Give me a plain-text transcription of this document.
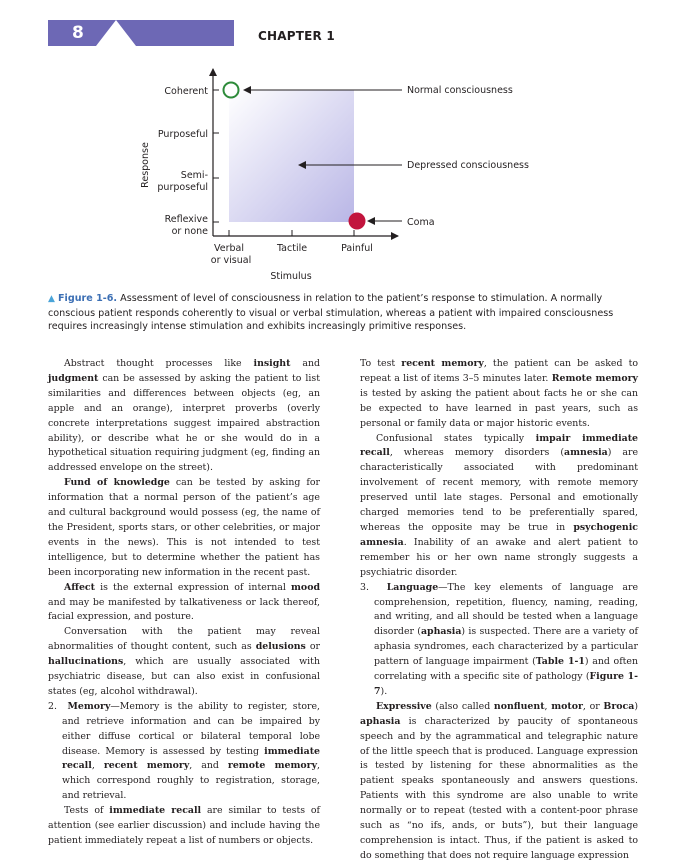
8	CHAPTER 1
Coherent
Purposeful
Semi-
purposeful
Reflexive
or none
Verbal
or visual
Tactile	Painful
Stimulus
Response
Normal consciousness
Depressed consciousness
Coma
▲ Figure 1-6. Assessment of level of consciousness in relation to the patient’s response to stimulation. A normally conscious patient responds coherently to visual or verbal stimulation, whereas a patient with impaired consciousness requires increasingly intense stimulation and exhibits increasingly primitive responses.

Abstract thought processes like insight and judgment can be assessed by asking the patient to list similarities and differences between objects (eg, an apple and an orange), interpret proverbs (overly concrete interpretations suggest impaired abstraction ability), or describe what he or she would do in a hypothetical situation requiring judgment (eg, finding an addressed envelope on the street).

Fund of knowledge can be tested by asking for information that a normal person of the patient’s age and cultural background would possess (eg, the name of the President, sports stars, or other celebrities, or major events in the news). This is not intended to test intelligence, but to determine whether the patient has been incorporating new information in the recent past.

Affect is the external expression of internal mood and may be manifested by talkativeness or lack thereof, facial expression, and posture.

Conversation with the patient may reveal abnormalities of thought content, such as delusions or hallucinations, which are usually associated with psychiatric disease, but can also exist in confusional states (eg, alcohol withdrawal).

2.  Memory—Memory is the ability to register, store, and retrieve information and can be impaired by either diffuse cortical or bilateral temporal lobe disease. Memory is assessed by testing immediate recall, recent memory, and remote memory, which correspond roughly to registration, storage, and retrieval.

Tests of immediate recall are similar to tests of attention (see earlier discussion) and include having the patient immediately repeat a list of numbers or objects.

To test recent memory, the patient can be asked to repeat a list of items 3–5 minutes later. Remote memory is tested by asking the patient about facts he or she can be expected to have learned in past years, such as personal or family data or major historic events.

Confusional states typically impair immediate recall, whereas memory disorders (amnesia) are characteristically associated with predominant involvement of recent memory, with remote memory preserved until late stages. Personal and emotionally charged memories tend to be preferentially spared, whereas the opposite may be true in psychogenic amnesia. Inability of an awake and alert patient to remember his or her own name strongly suggests a psychiatric disorder.

3.  Language—The key elements of language are comprehension, repetition, fluency, naming, reading, and writing, and all should be tested when a language disorder (aphasia) is suspected. There are a variety of aphasia syndromes, each characterized by a particular pattern of language impairment (Table 1-1) and often correlating with a specific site of pathology (Figure 1-7).

Expressive (also called nonfluent, motor, or Broca) aphasia is characterized by paucity of spontaneous speech and by the agrammatical and telegraphic nature of the little speech that is produced. Language expression is tested by listening for these abnormalities as the patient speaks spontaneously and answers questions. Patients with this syndrome are also unable to write normally or to repeat (tested with a content-poor phrase such as “no ifs, ands, or buts”), but their language comprehension is intact. Thus, if the patient is asked to do something that does not require language expression
